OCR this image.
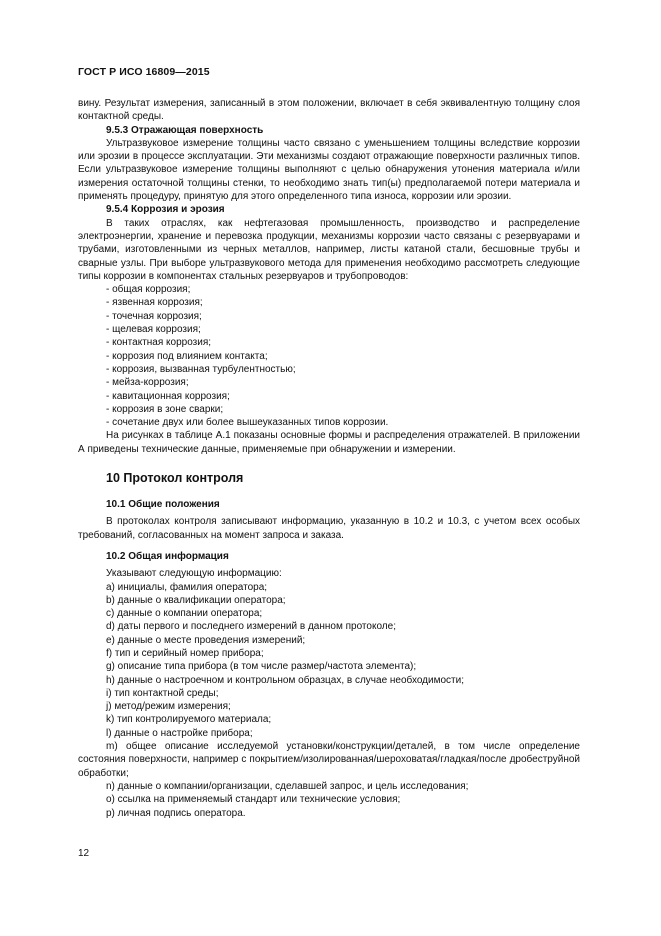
ГОСТ Р ИСО 16809—2015

вину. Результат измерения, записанный в этом положении, включает в себя эквивалентную толщину слоя контактной среды.

9.5.3 Отражающая поверхность

Ультразвуковое измерение толщины часто связано с уменьшением толщины вследствие коррозии или эрозии в процессе эксплуатации. Эти механизмы создают отражающие поверхности различных типов. Если ультразвуковое измерение толщины выполняют с целью обнаружения утонения материала и/или измерения остаточной толщины стенки, то необходимо знать тип(ы) предполагаемой потери материала и применять процедуру, принятую для этого определенного типа износа, коррозии или эрозии.

9.5.4 Коррозия и эрозия

В таких отраслях, как нефтегазовая промышленность, производство и распределение электроэнергии, хранение и перевозка продукции, механизмы коррозии часто связаны с резервуарами и трубами, изготовленными из черных металлов, например, листы катаной стали, бесшовные трубы и сварные узлы. При выборе ультразвукового метода для применения необходимо рассмотреть следующие типы коррозии в компонентах стальных резервуаров и трубопроводов:

- общая коррозия;

- язвенная коррозия;

- точечная коррозия;

- щелевая коррозия;

- контактная коррозия;

- коррозия под влиянием контакта;

- коррозия, вызванная турбулентностью;

- мейза-коррозия;

- кавитационная коррозия;

- коррозия в зоне сварки;

- сочетание двух или более вышеуказанных типов коррозии.

На рисунках в таблице А.1 показаны основные формы и распределения отражателей. В приложении А приведены технические данные, применяемые при обнаружении и измерении.

10 Протокол контроля

10.1 Общие положения

В протоколах контроля записывают информацию, указанную в 10.2 и 10.3, с учетом всех особых требований, согласованных на момент запроса и заказа.

10.2 Общая информация

Указывают следующую информацию:

a) инициалы, фамилия оператора;

b) данные о квалификации оператора;

c) данные о компании оператора;

d) даты первого и последнего измерений в данном протоколе;

e) данные о месте проведения измерений;

f) тип и серийный номер прибора;

g) описание типа прибора (в том числе размер/частота элемента);

h) данные о настроечном и контрольном образцах, в случае необходимости;

i) тип контактной среды;

j) метод/режим измерения;

k) тип контролируемого материала;

l) данные о настройке прибора;

m) общее описание исследуемой установки/конструкции/деталей, в том числе определение состояния поверхности, например с покрытием/изолированная/шероховатая/гладкая/после дробеструйной обработки;

n) данные о компании/организации, сделавшей запрос, и цель исследования;

o) ссылка на применяемый стандарт или технические условия;

p) личная подпись оператора.

12
